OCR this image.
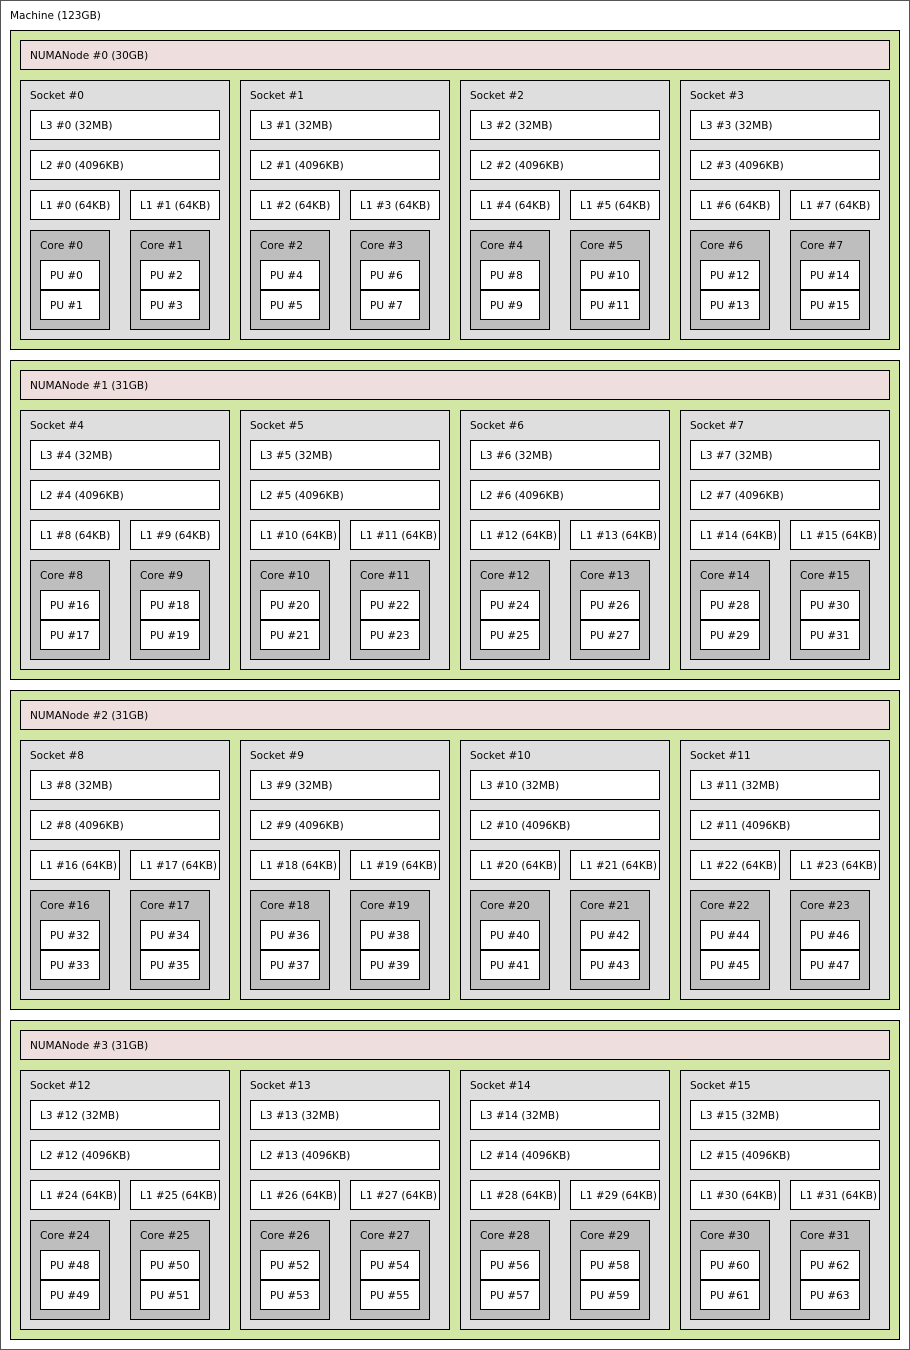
Machine (123GB)
NUMANode #0 (30GB)
Socket #0
L3 #0 (32MB)
L2 #0 (4096KB)
L1 #0 (64KB)	L1 #1 (64KB)
Core #0
PU #0
PU #1
Core #1
PU #2
PU #3
Socket #1
L3 #1 (32MB)
L2 #1 (4096KB)
L1 #2 (64KB)	L1 #3 (64KB)
Core #2
PU #4
PU #5
Core #3
PU #6
PU #7
Socket #2
L3 #2 (32MB)
L2 #2 (4096KB)
L1 #4 (64KB)	L1 #5 (64KB)
Core #4
PU #8
PU #9
Core #5
PU #10
PU #11
Socket #3
L3 #3 (32MB)
L2 #3 (4096KB)
L1 #6 (64KB)	L1 #7 (64KB)
Core #6
PU #12
PU #13
Core #7
PU #14
PU #15
NUMANode #1 (31GB)
Socket #4
L3 #4 (32MB)
L2 #4 (4096KB)
L1 #8 (64KB)	L1 #9 (64KB)
Core #8
PU #16
PU #17
Core #9
PU #18
PU #19
Socket #5
L3 #5 (32MB)
L2 #5 (4096KB)
L1 #10 (64KB) L1 #11 (64KB)
Core #10
PU #20
PU #21
Core #11
PU #22
PU #23
Socket #6
L3 #6 (32MB)
L2 #6 (4096KB)
L1 #12 (64KB) L1 #13 (64KB)
Core #12
PU #24
PU #25
Core #13
PU #26
PU #27
Socket #7
L3 #7 (32MB)
L2 #7 (4096KB)
L1 #14 (64KB) L1 #15 (64KB)
Core #14
PU #28
PU #29
Core #15
PU #30
PU #31
NUMANode #2 (31GB)
Socket #8
L3 #8 (32MB)
L2 #8 (4096KB)
L1 #16 (64KB) L1 #17 (64KB)
Core #16
PU #32
PU #33
Core #17
PU #34
PU #35
Socket #9
L3 #9 (32MB)
L2 #9 (4096KB)
L1 #18 (64KB) L1 #19 (64KB)
Core #18
PU #36
PU #37
Core #19
PU #38
PU #39
Socket #10
L3 #10 (32MB)
L2 #10 (4096KB)
L1 #20 (64KB) L1 #21 (64KB)
Core #20
PU #40
PU #41
Core #21
PU #42
PU #43
Socket #11
L3 #11 (32MB)
L2 #11 (4096KB)
L1 #22 (64KB) L1 #23 (64KB)
Core #22
PU #44
PU #45
Core #23
PU #46
PU #47
NUMANode #3 (31GB)
Socket #12
L3 #12 (32MB)
L2 #12 (4096KB)
L1 #24 (64KB) L1 #25 (64KB)
Core #24
PU #48
PU #49
Core #25
PU #50
PU #51
Socket #13
L3 #13 (32MB)
L2 #13 (4096KB)
L1 #26 (64KB) L1 #27 (64KB)
Core #26
PU #52
PU #53
Core #27
PU #54
PU #55
Socket #14
L3 #14 (32MB)
L2 #14 (4096KB)
L1 #28 (64KB) L1 #29 (64KB)
Core #28
PU #56
PU #57
Core #29
PU #58
PU #59
Socket #15
L3 #15 (32MB)
L2 #15 (4096KB)
L1 #30 (64KB) L1 #31 (64KB)
Core #30
PU #60
PU #61
Core #31
PU #62
PU #63
